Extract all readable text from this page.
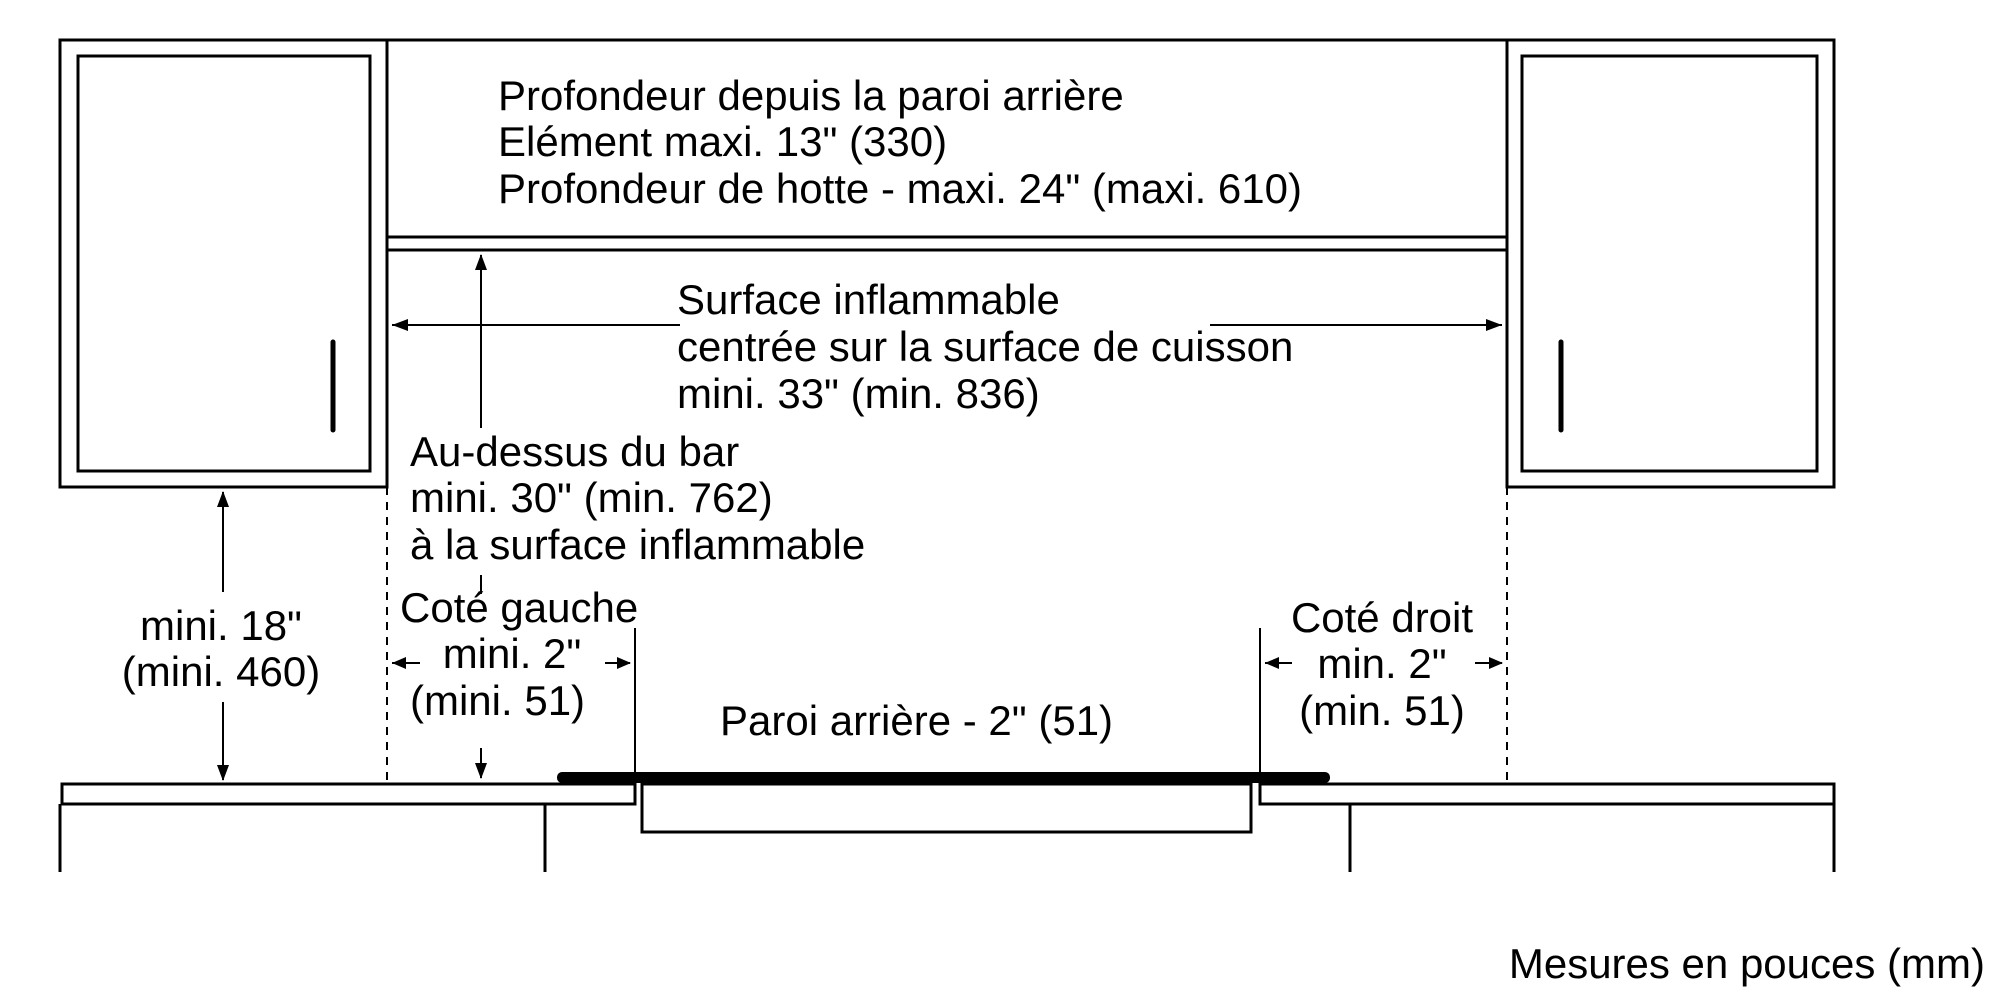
Profondeur depuis la paroi arrière
Elément maxi. 13" (330)
Profondeur de hotte - maxi. 24" (maxi. 610)
Surface inflammable
centrée sur la surface de cuisson
mini. 33" (min. 836)
Au-dessus du bar
mini. 30" (min. 762)
à la surface inflammable
mini. 18"
(mini. 460)
Coté gauche
mini. 2"
(mini. 51)
Coté droit
min. 2"
(min. 51)
Paroi arrière - 2" (51)
Mesures en pouces (mm)
